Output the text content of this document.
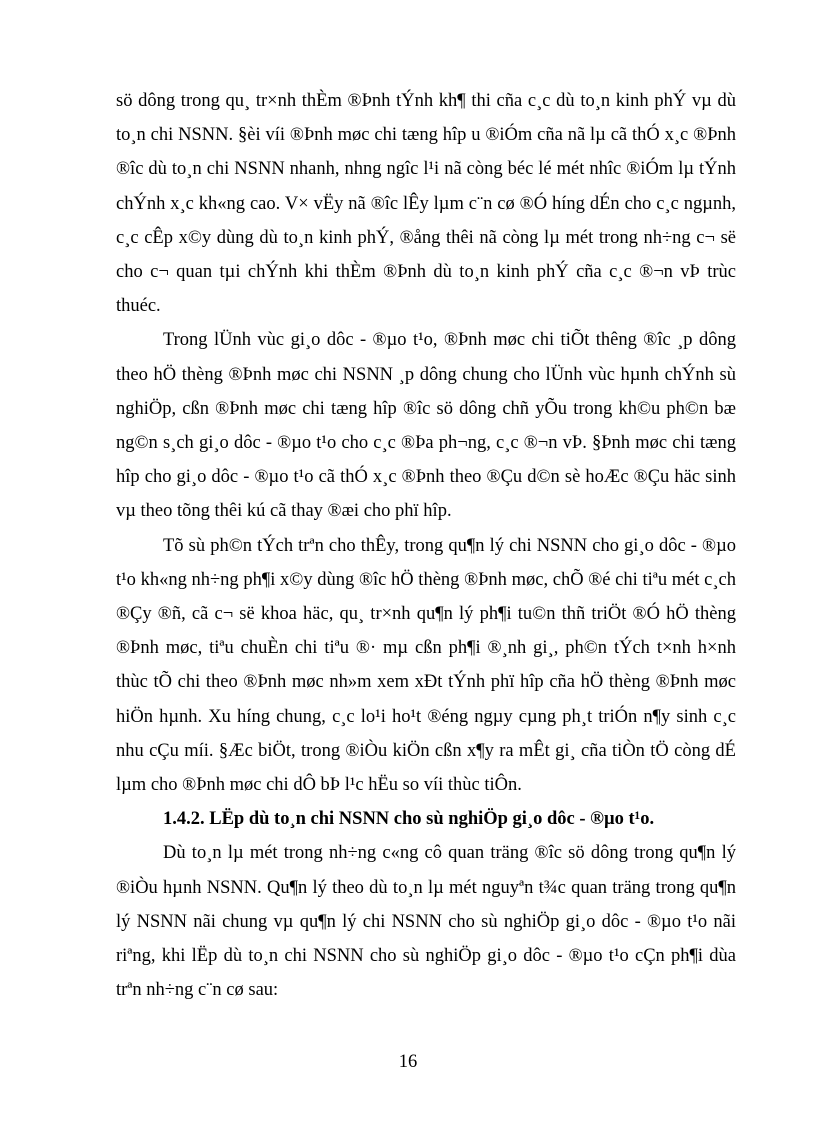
sö dông trong qu¸ tr×nh thÈm ®Þnh tÝnh kh¶ thi cña c¸c dù to¸n kinh phÝ vµ dù to¸n chi NSNN. §èi víi ®Þnh møc chi tæng hîp u ®iÓm cña nã lµ cã thÓ x¸c ®Þnh ®îc dù to¸n chi NSNN nhanh, nhng ngîc l¹i nã còng béc lé mét nhîc ®iÓm lµ tÝnh chÝnh x¸c kh«ng cao. V× vËy nã ®îc lÊy lµm c¨n cø ®Ó híng dÉn cho c¸c ngµnh, c¸c cÊp x©y dùng dù to¸n kinh phÝ, ®ång thêi nã còng lµ mét trong nh÷ng c¬ së cho c¬ quan tµi chÝnh khi thÈm ®Þnh dù to¸n kinh phÝ cña c¸c ®¬n vÞ trùc thuéc.

Trong lÜnh vùc gi¸o dôc - ®µo t¹o, ®Þnh møc chi tiÕt thêng ®îc ¸p dông theo hÖ thèng ®Þnh møc chi NSNN ¸p dông chung cho lÜnh vùc hµnh chÝnh sù nghiÖp, cßn ®Þnh møc chi tæng hîp ®îc sö dông chñ yÕu trong kh©u ph©n bæ ng©n s¸ch gi¸o dôc - ®µo t¹o cho c¸c ®Þa ph¬ng, c¸c ®¬n vÞ. §Þnh møc chi tæng hîp cho gi¸o dôc - ®µo t¹o cã thÓ x¸c ®Þnh theo ®Çu d©n sè hoÆc ®Çu häc sinh vµ theo tõng thêi kú cã thay ®æi cho phï hîp.

Tõ sù ph©n tÝch trªn cho thÊy, trong qu¶n lý chi NSNN cho gi¸o dôc - ®µo t¹o kh«ng nh÷ng ph¶i x©y dùng ®îc hÖ thèng ®Þnh møc, chÕ ®é chi tiªu mét c¸ch ®Çy ®ñ, cã c¬ së khoa häc, qu¸ tr×nh qu¶n lý ph¶i tu©n thñ triÖt ®Ó hÖ thèng ®Þnh møc, tiªu chuÈn chi tiªu ®· mµ cßn ph¶i ®¸nh gi¸, ph©n tÝch t×nh h×nh thùc tÕ chi theo ®Þnh møc nh»m xem xÐt tÝnh phï hîp cña hÖ thèng ®Þnh møc hiÖn hµnh. Xu híng chung, c¸c lo¹i ho¹t ®éng ngµy cµng ph¸t triÓn n¶y sinh c¸c nhu cÇu míi. §Æc biÖt, trong ®iÒu kiÖn cßn x¶y ra mÊt gi¸ cña tiÒn tÖ còng dÉ lµm cho ®Þnh møc chi dÔ bÞ l¹c hËu so víi thùc tiÔn.

1.4.2. LËp dù to¸n chi NSNN cho sù nghiÖp gi¸o dôc - ®µo t¹o.

Dù to¸n lµ mét trong nh÷ng c«ng cô quan träng ®îc sö dông trong qu¶n lý ®iÒu hµnh NSNN. Qu¶n lý theo dù to¸n lµ mét nguyªn t¾c quan träng trong qu¶n lý NSNN nãi chung vµ qu¶n lý chi NSNN cho sù nghiÖp gi¸o dôc - ®µo t¹o nãi riªng, khi lËp dù to¸n chi NSNN cho sù nghiÖp gi¸o dôc - ®µo t¹o cÇn ph¶i dùa trªn nh÷ng c¨n cø sau:

16
